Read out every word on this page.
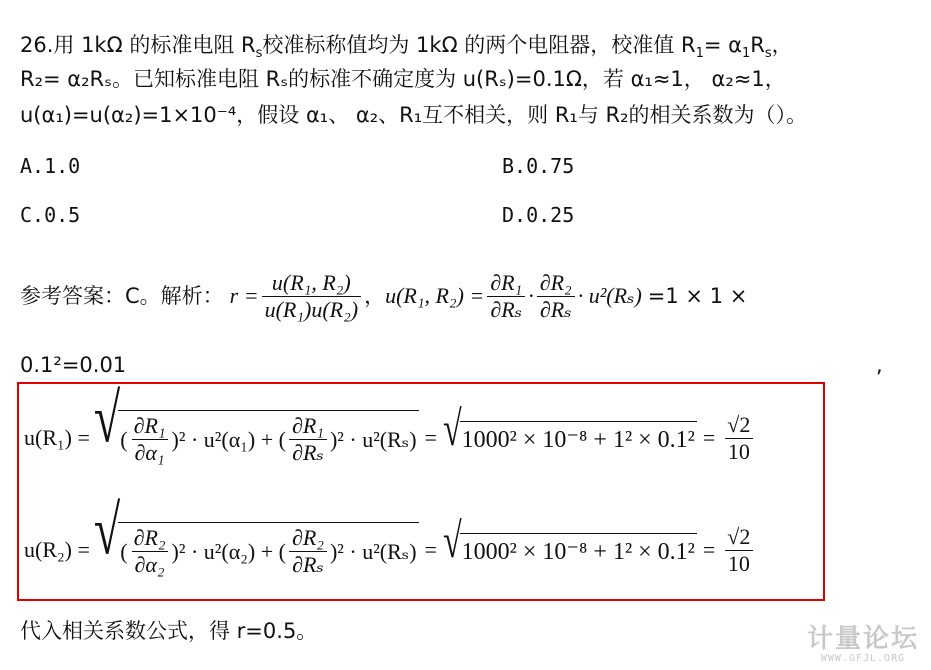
26.用 1kΩ 的标准电阻 $R_s$校准标称值均为 1kΩ 的两个电阻器，校准值 $R_1= \alpha_1R_s$，
R₂= α₂Rₛ。已知标准电阻 Rₛ的标准不确定度为 u(Rₛ)=0.1Ω，若 α₁≈1， α₂≈1，
u(α₁)=u(α₂)=1×10⁻⁴，假设 α₁、 α₂、R₁互不相关，则 R₁与 R₂的相关系数为（）。
A.1.0	B.0.75
C.0.5	D.0.25
参考答案：C。解析： $r = \frac{\text{u(R₁, R₂)}}{\text{u(R₁)u(R₂)}}$ ， u(R₁, $R_2) = \frac{\text{∂R₁}}{\text{∂Rₛ}} \cdot \frac{\text{∂R₂}}{\text{∂Rₛ}} \cdot u^2(R_s) =1 \times 1$ ×
0.1²=0.01	,
u(R₁) = √ ( $\frac{\text{∂R₁}}{\text{∂α₁}} )^2 \cdot u^2(\alpha_1)$ + ( $\frac{\text{∂R₁}}{\text{∂Rₛ}} )^2 \cdot u^2(R_s)$ = √ $1000^2 \times 10^{-8} + 1^2 \times 0.1^2 = \frac{√2}{10}$
u(R₂) = √ ( $\frac{\text{∂R₂}}{\text{∂α₂}} )^2 \cdot u^2(\alpha_2)$ + ( $\frac{\text{∂R₂}}{\text{∂Rₛ}} )^2 \cdot u^2(R_s)$ = √ $1000^2 \times 10^{-8} + 1^2 \times 0.1^2 = \frac{√2}{10}$
代入相关系数公式，得 r=0.5。	计量论坛
WWW.GFJL.ORG
